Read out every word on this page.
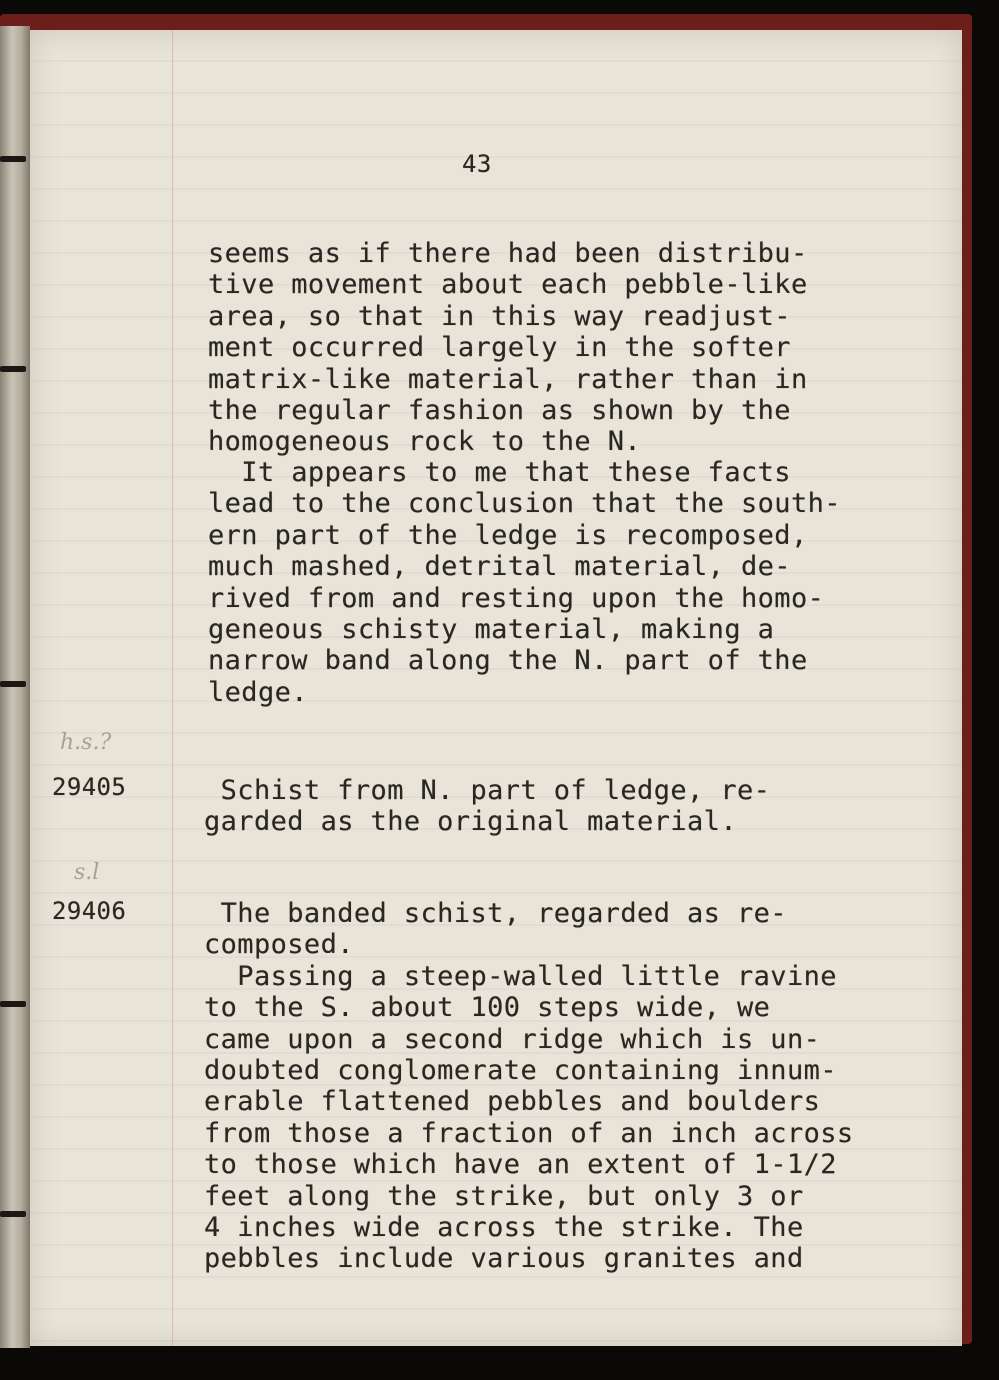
43

seems as if there had been distribu-
tive movement about each pebble-like
area, so that in this way readjust-
ment occurred largely in the softer
matrix-like material, rather than in
the regular fashion as shown by the
homogeneous rock to the N.

It appears to me that these facts
lead to the conclusion that the south-
ern part of the ledge is recomposed,
much mashed, detrital material, de-
rived from and resting upon the homo-
geneous schisty material, making a
narrow band along the N. part of the
ledge.

h.s.?

29405	Schist from N. part of ledge, re-
garded as the original material.

s.l

29406	The banded schist, regarded as re-
composed.
Passing a steep-walled little ravine
to the S. about 100 steps wide, we
came upon a second ridge which is un-
doubted conglomerate containing innum-
erable flattened pebbles and boulders
from those a fraction of an inch across
to those which have an extent of 1-1/2
feet along the strike, but only 3 or
4 inches wide across the strike. The
pebbles include various granites and
